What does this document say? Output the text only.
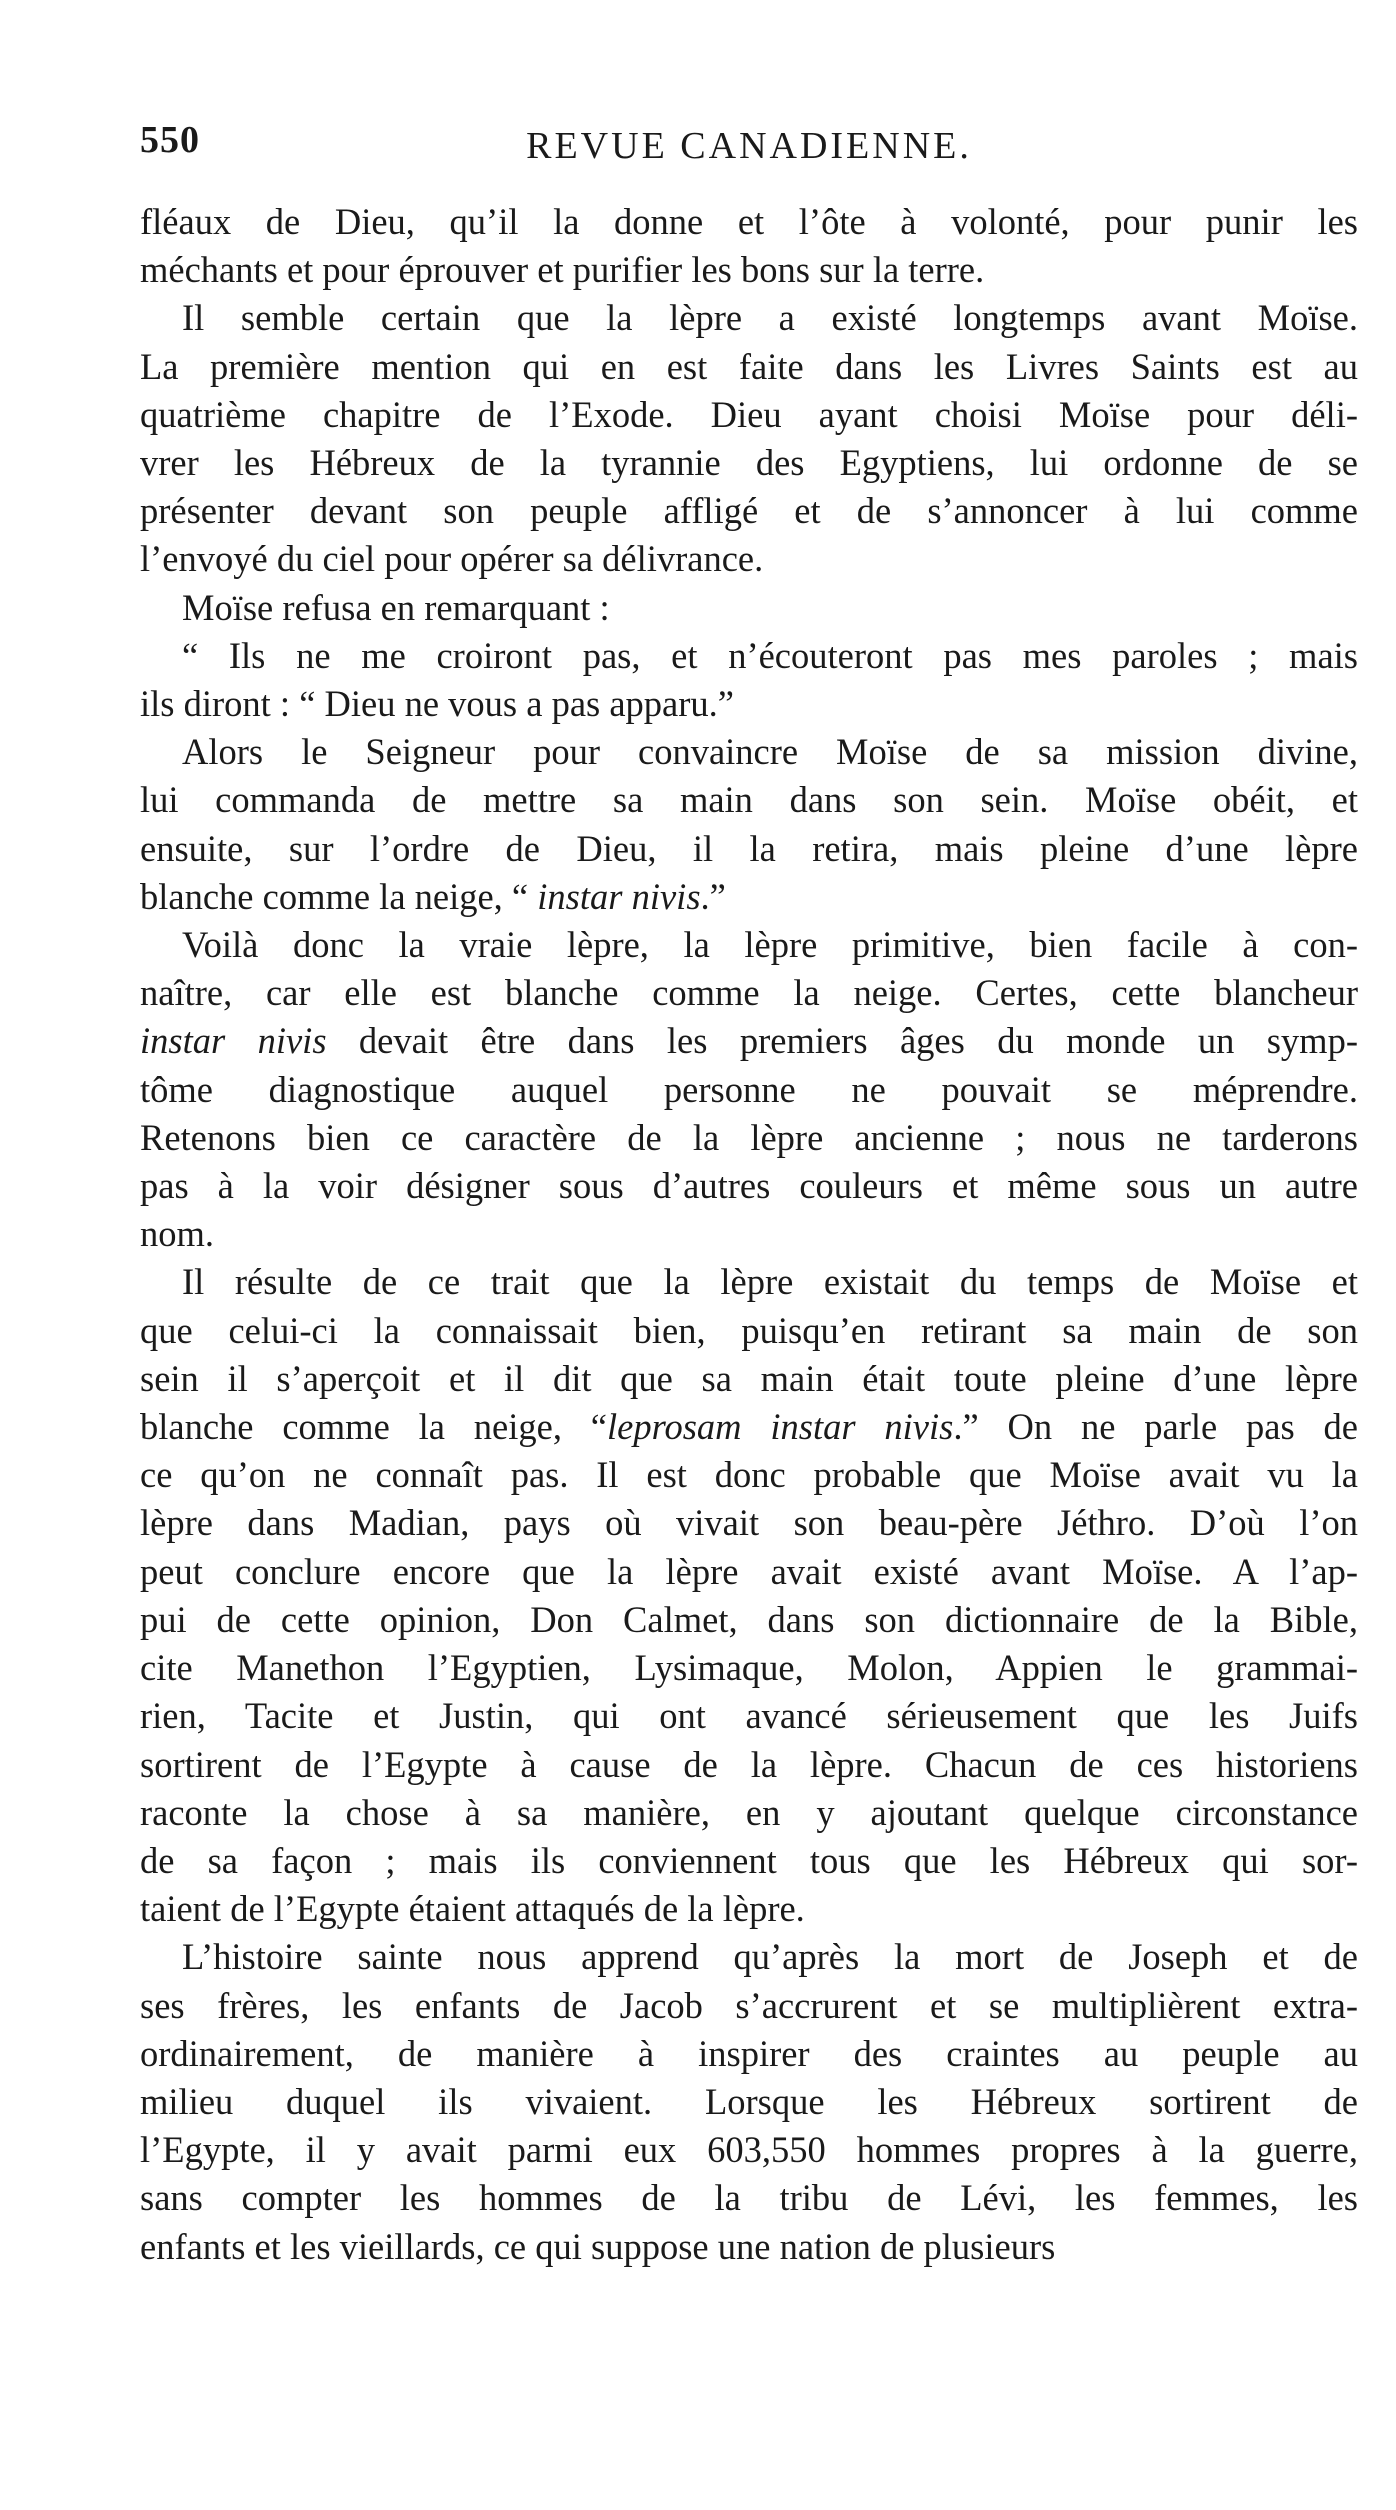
550	REVUE CANADIENNE.
fléaux de Dieu, qu’il la donne et l’ôte à volonté, pour punir les
méchants et pour éprouver et purifier les bons sur la terre.
Il semble certain que la lèpre a existé longtemps avant Moïse.
La première mention qui en est faite dans les Livres Saints est au
quatrième chapitre de l’Exode. Dieu ayant choisi Moïse pour déli-
vrer les Hébreux de la tyrannie des Egyptiens, lui ordonne de se
présenter devant son peuple affligé et de s’annoncer à lui comme
l’envoyé du ciel pour opérer sa délivrance.
Moïse refusa en remarquant :
“ Ils ne me croiront pas, et n’écouteront pas mes paroles ; mais
ils diront : “ Dieu ne vous a pas apparu.”
Alors le Seigneur pour convaincre Moïse de sa mission divine,
lui commanda de mettre sa main dans son sein. Moïse obéit, et
ensuite, sur l’ordre de Dieu, il la retira, mais pleine d’une lèpre
blanche comme la neige, “ instar nivis.”
Voilà donc la vraie lèpre, la lèpre primitive, bien facile à con-
naître, car elle est blanche comme la neige. Certes, cette blancheur
instar nivis devait être dans les premiers âges du monde un symp-
tôme diagnostique auquel personne ne pouvait se méprendre.
Retenons bien ce caractère de la lèpre ancienne ; nous ne tarderons
pas à la voir désigner sous d’autres couleurs et même sous un autre
nom.
Il résulte de ce trait que la lèpre existait du temps de Moïse et
que celui-ci la connaissait bien, puisqu’en retirant sa main de son
sein il s’aperçoit et il dit que sa main était toute pleine d’une lèpre
blanche comme la neige, “leprosam instar nivis.” On ne parle pas de
ce qu’on ne connaît pas. Il est donc probable que Moïse avait vu la
lèpre dans Madian, pays où vivait son beau-père Jéthro. D’où l’on
peut conclure encore que la lèpre avait existé avant Moïse. A l’ap-
pui de cette opinion, Don Calmet, dans son dictionnaire de la Bible,
cite Manethon l’Egyptien, Lysimaque, Molon, Appien le grammai-
rien, Tacite et Justin, qui ont avancé sérieusement que les Juifs
sortirent de l’Egypte à cause de la lèpre. Chacun de ces historiens
raconte la chose à sa manière, en y ajoutant quelque circonstance
de sa façon ; mais ils conviennent tous que les Hébreux qui sor-
taient de l’Egypte étaient attaqués de la lèpre.
L’histoire sainte nous apprend qu’après la mort de Joseph et de
ses frères, les enfants de Jacob s’accrurent et se multiplièrent extra-
ordinairement, de manière à inspirer des craintes au peuple au
milieu duquel ils vivaient. Lorsque les Hébreux sortirent de
l’Egypte, il y avait parmi eux 603,550 hommes propres à la guerre,
sans compter les hommes de la tribu de Lévi, les femmes, les
enfants et les vieillards, ce qui suppose une nation de plusieurs
